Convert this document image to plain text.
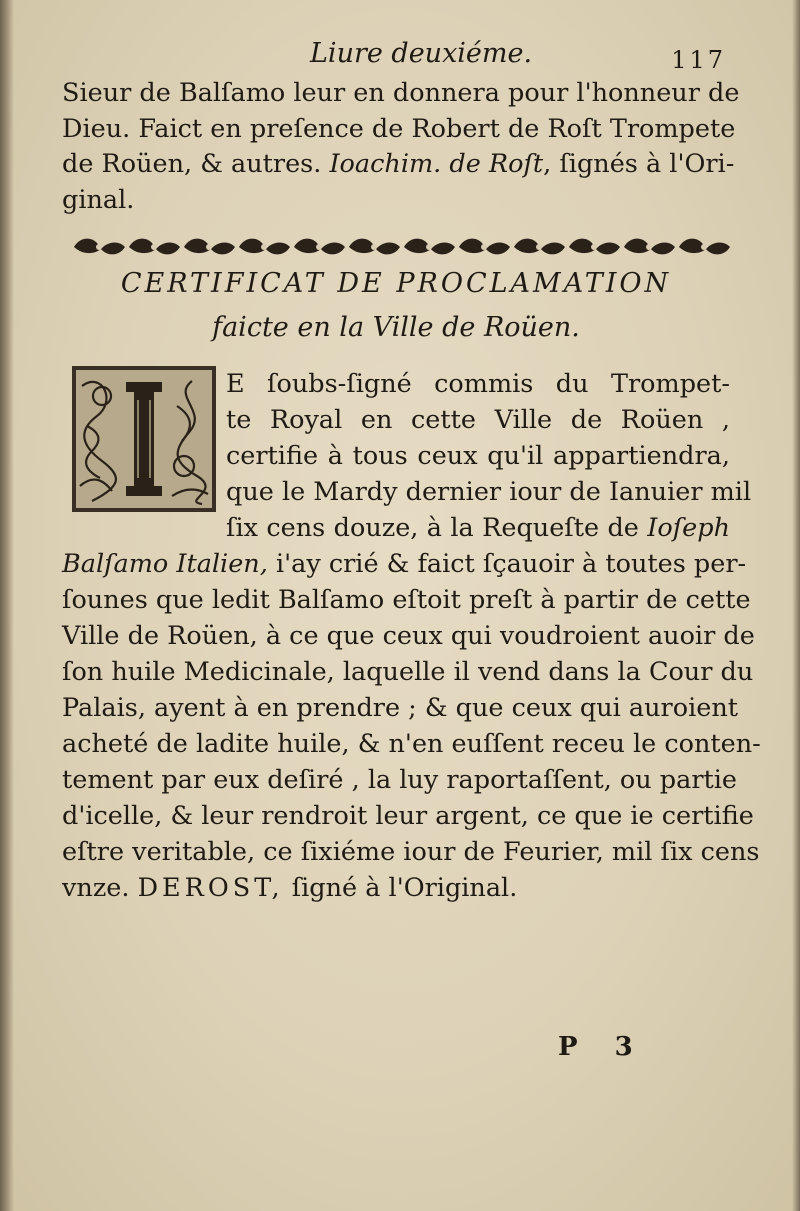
Liure deuxiéme.	117
Sieur de Balſamo leur en donnera pour l'honneur de
Dieu. Faict en preſence de Robert de Roſt Trompete
de Roüen, & autres. Ioachim. de Roſt, ſignés à l'Ori-
ginal.
CERTIFICAT DE PROCLAMATION
faicte en la Ville de Roüen.
E ſoubs-ſigné commis du Trompet-
te Royal en cette Ville de Roüen ,
certifie à tous ceux qu'il appartiendra,
que le Mardy dernier iour de Ianuier mil
ſix cens douze, à la Requeſte de Ioſeph
Balſamo Italien, i'ay crié & faict ſçauoir à toutes per-
ſounes que ledit Balſamo eſtoit preſt à partir de cette
Ville de Roüen, à ce que ceux qui voudroient auoir de
ſon huile Medicinale, laquelle il vend dans la Cour du
Palais, ayent à en prendre ; & que ceux qui auroient
acheté de ladite huile, & n'en euſſent receu le conten-
tement par eux deſiré , la luy raportaſſent, ou partie
d'icelle, & leur rendroit leur argent, ce que ie certifie
eſtre veritable, ce ſixiéme iour de Feurier, mil ſix cens
vnze. DEROST, ſigné à l'Original.
P 3
